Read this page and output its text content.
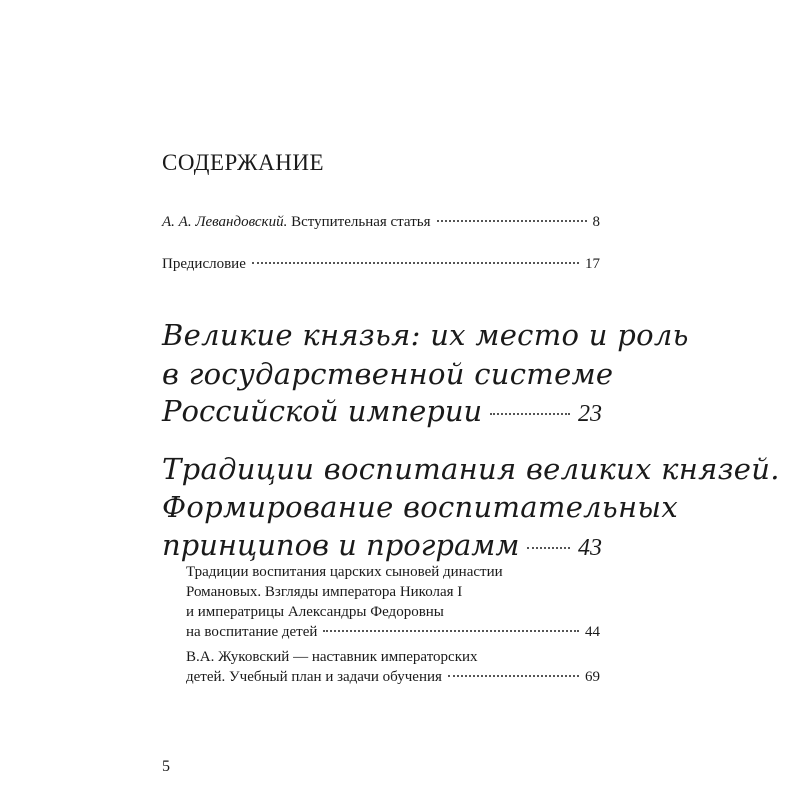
СОДЕРЖАНИЕ
А. А. Левандовский. Вступительная статья	8
Предисловие	17
Великие князья: их место и роль
в государственной системе
Российской империи	23
Традиции воспитания великих князей.
Формирование воспитательных
принципов и программ 43
Традиции воспитания царских сыновей династии
Романовых. Взгляды императора Николая I
и императрицы Александры Федоровны
на воспитание детей	44
В.А. Жуковский — наставник императорских
детей. Учебный план и задачи обучения	69
5
